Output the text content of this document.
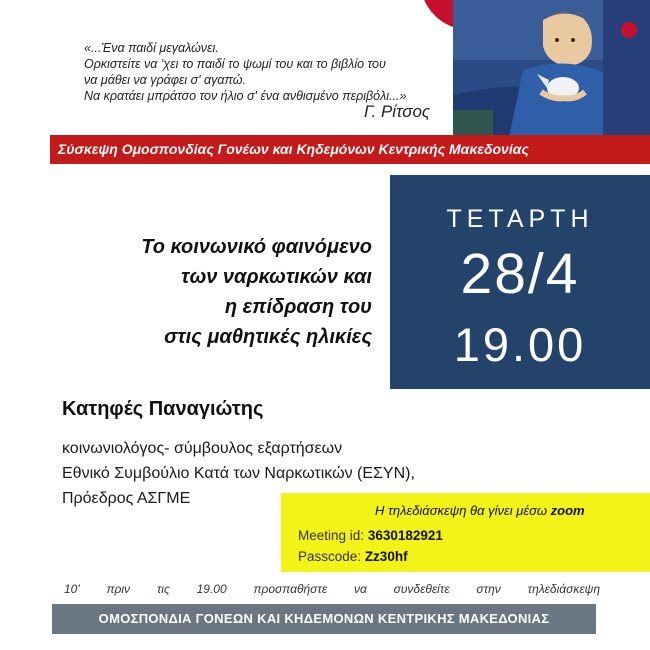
«...Ένα παιδί μεγαλώνει.
Ορκιστείτε να 'χει το παιδί το ψωμί του και το βιβλίο του
να μάθει να γράφει σ' αγαπώ.
Να κρατάει μπράτσο τον ήλιο σ' ένα ανθισμένο περιβόλι...»
Γ. Ρίτσος
Σύσκεψη Ομοσπονδίας Γονέων και Κηδεμόνων Κεντρικής Μακεδονίας
ΤΕΤΑΡΤΗ
28/4
19.00
Το κοινωνικό φαινόμενο
των ναρκωτικών και
η επίδραση του
στις μαθητικές ηλικίες
Κατηφές Παναγιώτης
κοινωνιολόγος- σύμβουλος εξαρτήσεων
Εθνικό Συμβούλιο Κατά των Ναρκωτικών (ΕΣΥΝ),
Πρόεδρος ΑΣΓΜΕ
Η τηλεδιάσκεψη θα γίνει μέσω zoom
Meeting id: 3630182921
Passcode: Zz30hf
10' πριν τις 19.00 προσπαθήστε να συνδεθείτε στην τηλεδιάσκεψη
ΟΜΟΣΠΟΝΔΙΑ ΓΟΝΕΩΝ ΚΑΙ ΚΗΔΕΜΟΝΩΝ ΚΕΝΤΡΙΚΗΣ ΜΑΚΕΔΟΝΙΑΣ
